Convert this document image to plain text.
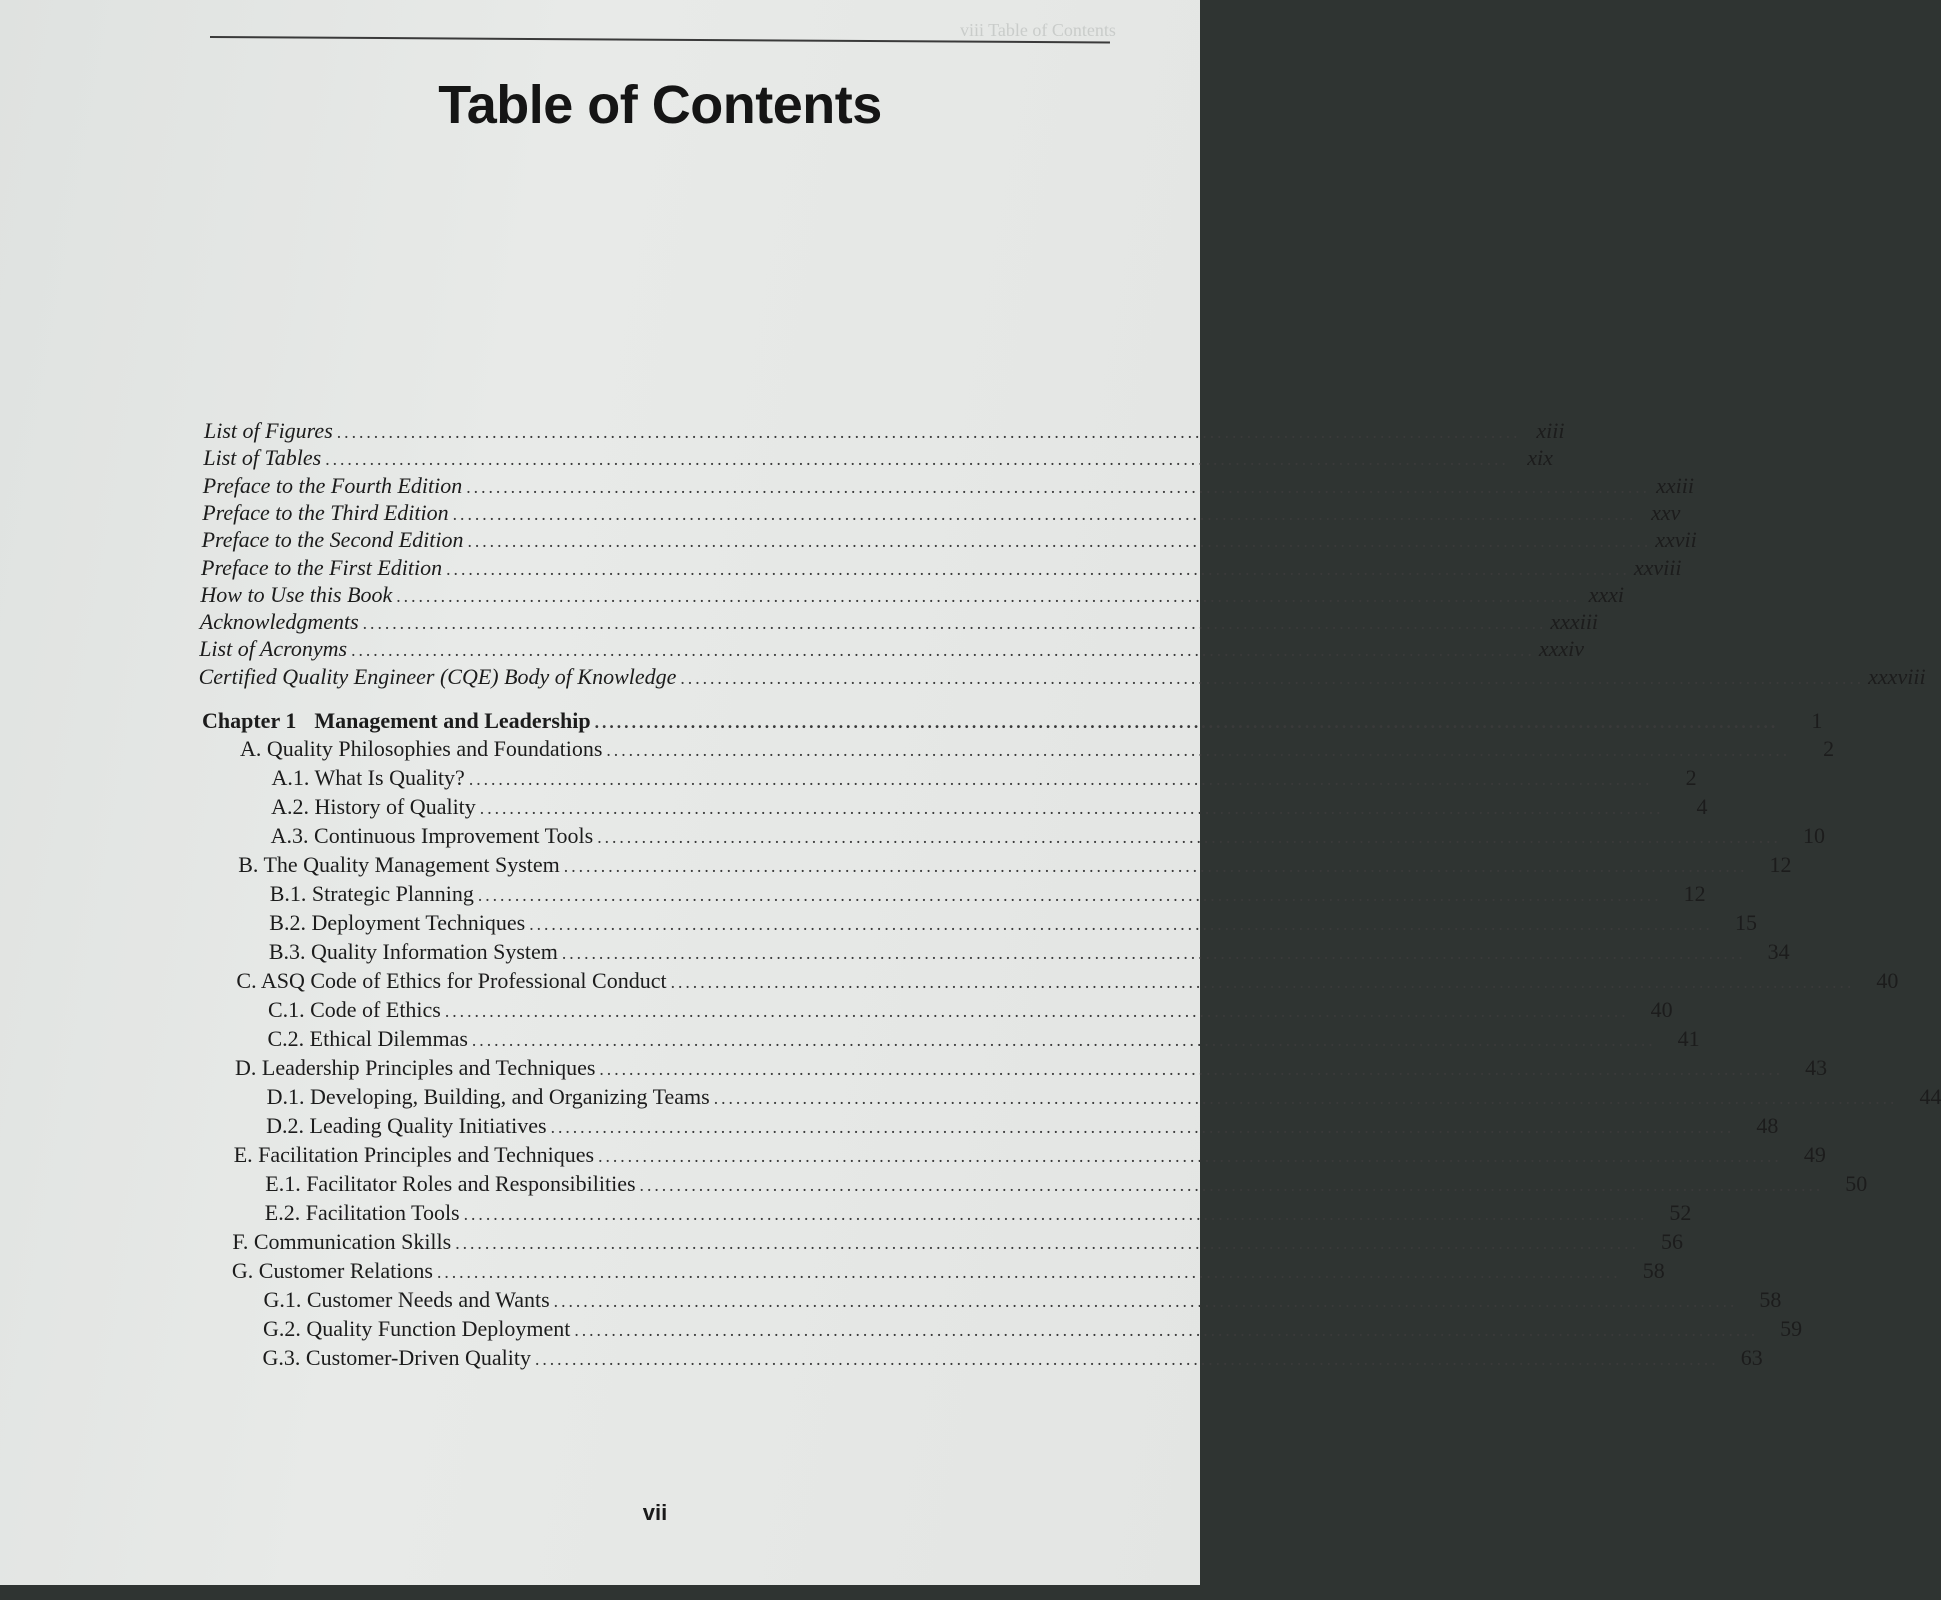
viii Table of Contents
Table of Contents
List of Figures ................................................................................................................................................................ xiii
List of Tables ................................................................................................................................................................ xix
Preface to the Fourth Edition ................................................................................................................................................................ xxiii
Preface to the Third Edition ................................................................................................................................................................ xxv
Preface to the Second Edition ................................................................................................................................................................ xxvii
Preface to the First Edition ................................................................................................................................................................ xxviii
How to Use this Book ................................................................................................................................................................ xxxi
Acknowledgments ................................................................................................................................................................ xxxiii
List of Acronyms ................................................................................................................................................................ xxxiv
Certified Quality Engineer (CQE) Body of Knowledge ................................................................................................................................................................ xxxviii
Chapter 1 Management and Leadership ................................................................................................................................................................	1
A. Quality Philosophies and Foundations ................................................................................................................................................................	2
A.1. What Is Quality? ................................................................................................................................................................	2
A.2. History of Quality ................................................................................................................................................................	4
A.3. Continuous Improvement Tools ................................................................................................................................................................	10
B. The Quality Management System ................................................................................................................................................................	12
B.1. Strategic Planning ................................................................................................................................................................	12
B.2. Deployment Techniques ................................................................................................................................................................	15
B.3. Quality Information System ................................................................................................................................................................	34
C. ASQ Code of Ethics for Professional Conduct ................................................................................................................................................................	40
C.1. Code of Ethics ................................................................................................................................................................	40
C.2. Ethical Dilemmas ................................................................................................................................................................	41
D. Leadership Principles and Techniques ................................................................................................................................................................	43
D.1. Developing, Building, and Organizing Teams ................................................................................................................................................................	44
D.2. Leading Quality Initiatives ................................................................................................................................................................	48
E. Facilitation Principles and Techniques ................................................................................................................................................................	49
E.1. Facilitator Roles and Responsibilities ................................................................................................................................................................	50
E.2. Facilitation Tools ................................................................................................................................................................	52
F. Communication Skills ................................................................................................................................................................	56
G. Customer Relations ................................................................................................................................................................	58
G.1. Customer Needs and Wants ................................................................................................................................................................	58
G.2. Quality Function Deployment ................................................................................................................................................................	59
G.3. Customer-Driven Quality ................................................................................................................................................................	63
vii
